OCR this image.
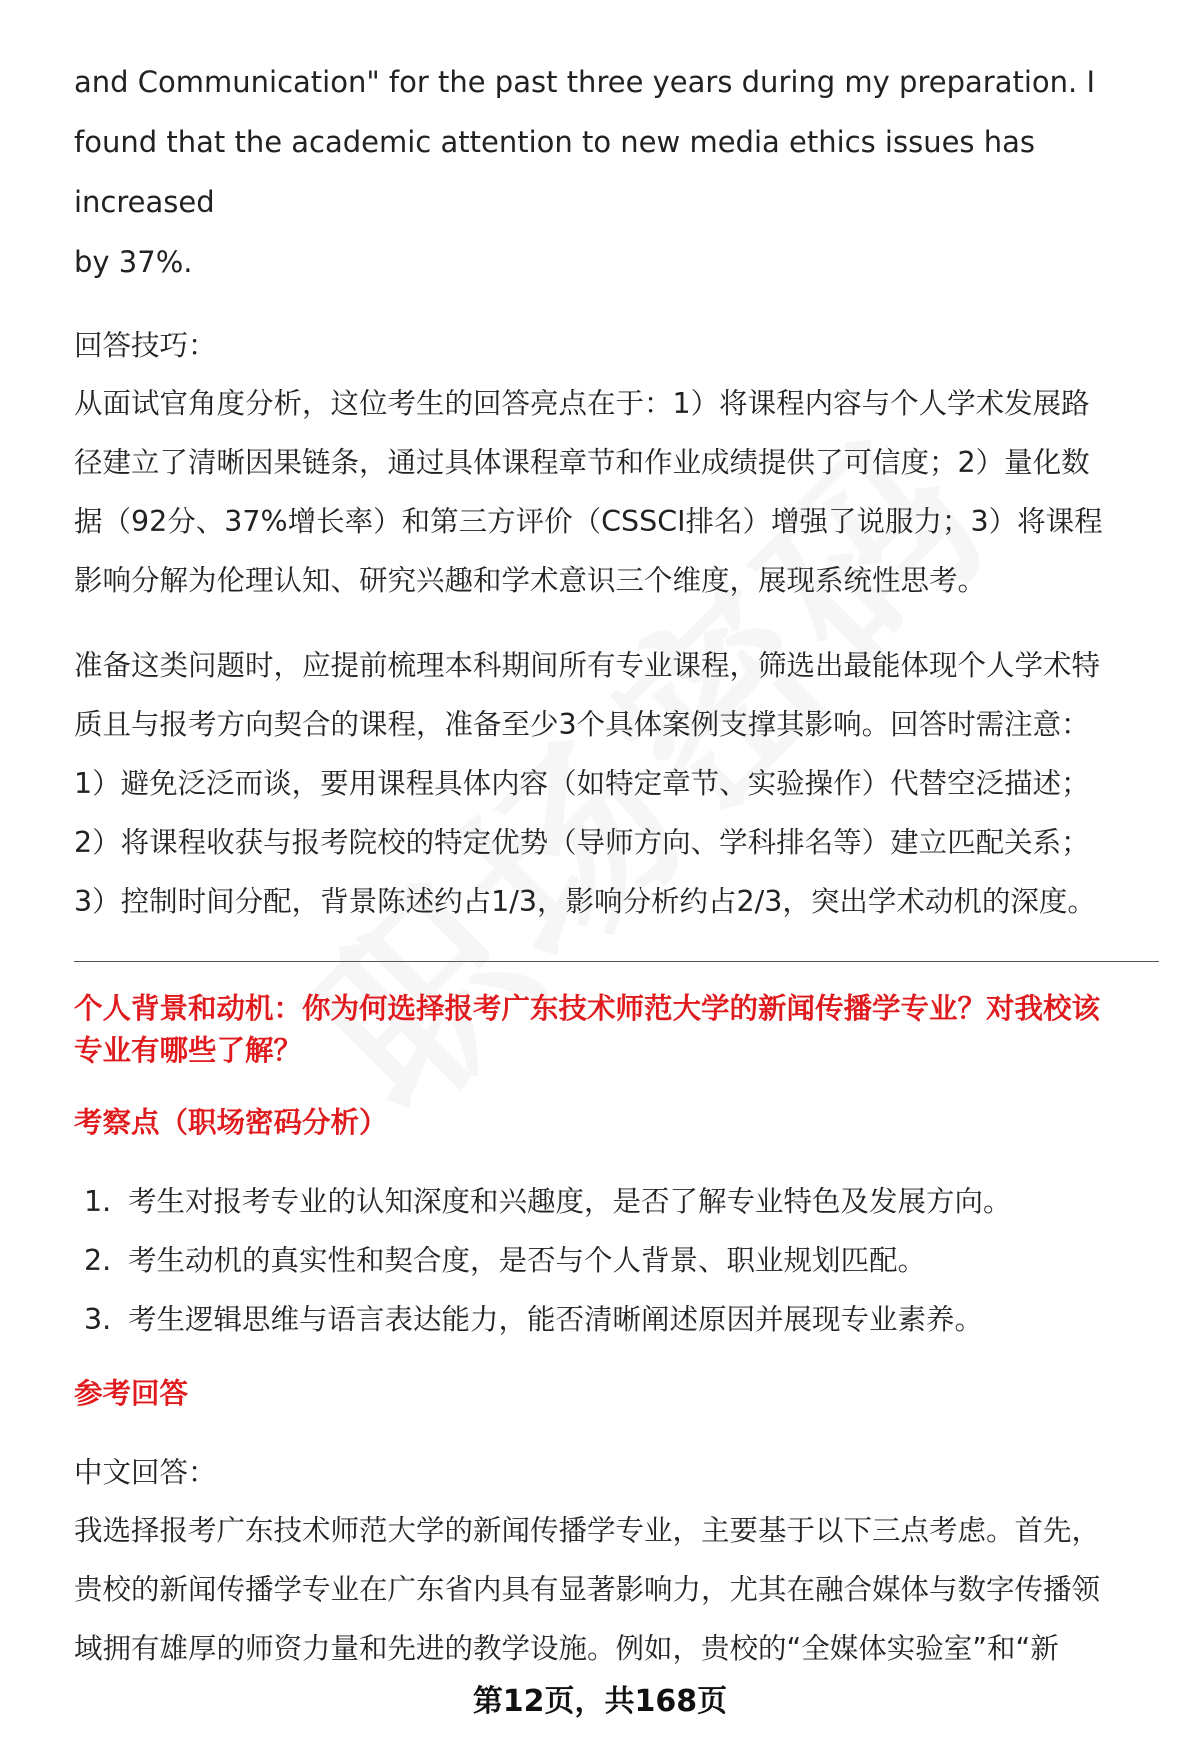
and Communication" for the past three years during my preparation. I

found that the academic attention to new media ethics issues has increased

by 37%.

回答技巧：

从面试官角度分析，这位考生的回答亮点在于：1）将课程内容与个人学术发展路

径建立了清晰因果链条，通过具体课程章节和作业成绩提供了可信度；2）量化数

据（92分、37%增长率）和第三方评价（CSSCI排名）增强了说服力；3）将课程

影响分解为伦理认知、研究兴趣和学术意识三个维度，展现系统性思考。

准备这类问题时，应提前梳理本科期间所有专业课程，筛选出最能体现个人学术特

质且与报考方向契合的课程，准备至少3个具体案例支撑其影响。回答时需注意：

1）避免泛泛而谈，要用课程具体内容（如特定章节、实验操作）代替空泛描述；

2）将课程收获与报考院校的特定优势（导师方向、学科排名等）建立匹配关系；

3）控制时间分配，背景陈述约占1/3，影响分析约占2/3，突出学术动机的深度。

个人背景和动机：你为何选择报考广东技术师范大学的新闻传播学专业？对我校该

专业有哪些了解？

考察点（职场密码分析）

1. 考生对报考专业的认知深度和兴趣度，是否了解专业特色及发展方向。
2. 考生动机的真实性和契合度，是否与个人背景、职业规划匹配。
3. 考生逻辑思维与语言表达能力，能否清晰阐述原因并展现专业素养。

参考回答

中文回答：

我选择报考广东技术师范大学的新闻传播学专业，主要基于以下三点考虑。首先，

贵校的新闻传播学专业在广东省内具有显著影响力，尤其在融合媒体与数字传播领

域拥有雄厚的师资力量和先进的教学设施。例如，贵校的“全媒体实验室”和“新

第12页，共168页
